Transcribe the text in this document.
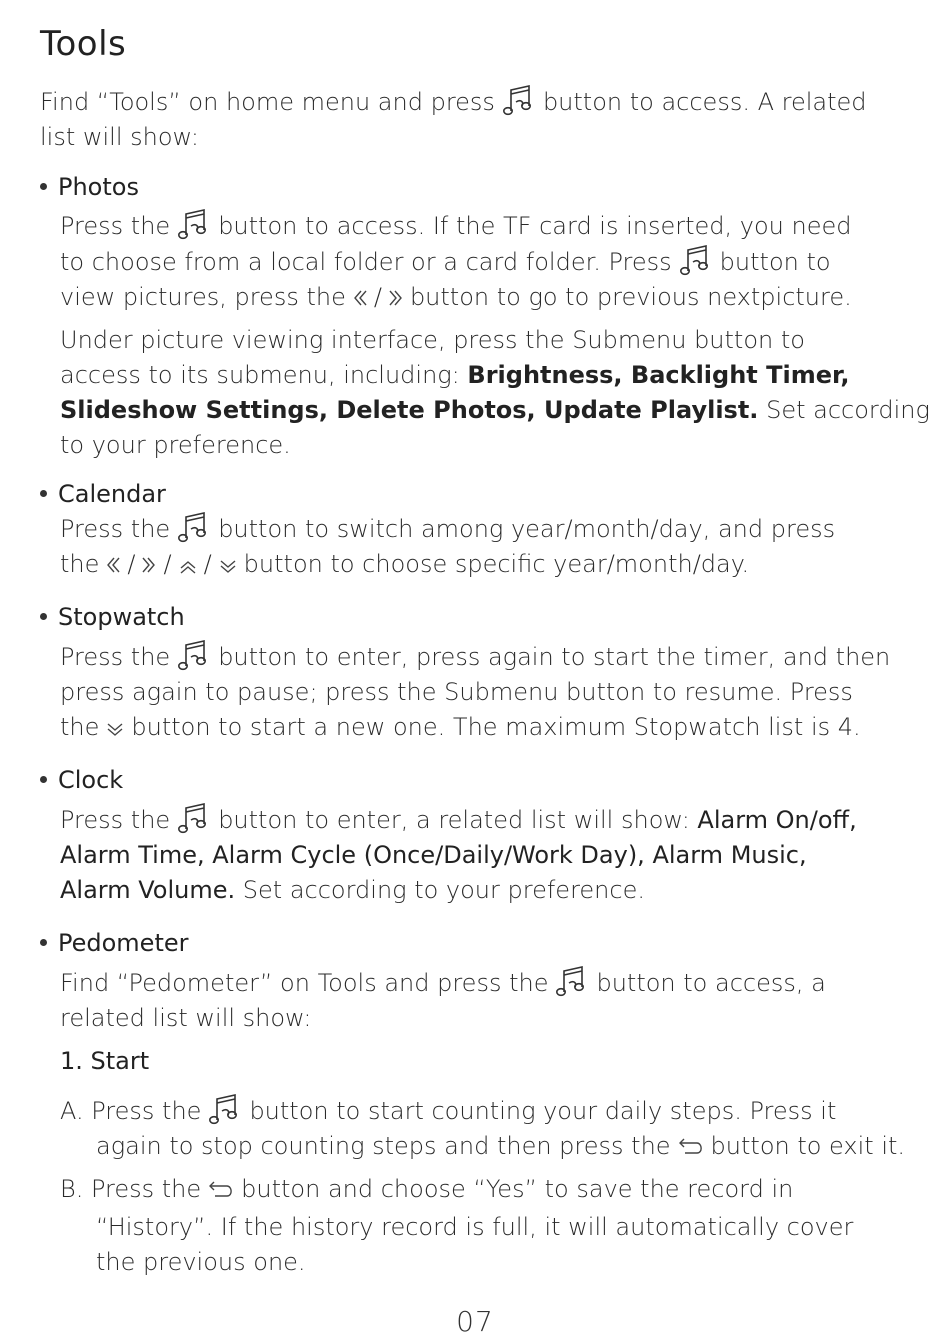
Tools
Find “Tools” on home menu and press button to access. A related
list will show:
Photos
Press the button to access. If the TF card is inserted, you need
to choose from a local folder or a card folder. Press button to
view pictures, press the / button to go to previous nextpicture.
Under picture viewing interface, press the Submenu button to
access to its submenu, including: Brightness, Backlight Timer,
Slideshow Settings, Delete Photos, Update Playlist. Set according
to your preference.
Calendar
Press the button to switch among year/month/day, and press
the / / / button to choose specific year/month/day.
Stopwatch
Press the button to enter, press again to start the timer, and then
press again to pause; press the Submenu button to resume. Press
the button to start a new one. The maximum Stopwatch list is 4.
Clock
Press the button to enter, a related list will show: Alarm On/off,
Alarm Time, Alarm Cycle (Once/Daily/Work Day), Alarm Music,
Alarm Volume. Set according to your preference.
Pedometer
Find “Pedometer” on Tools and press the button to access, a
related list will show:
1. Start
A. Press the button to start counting your daily steps. Press it
again to stop counting steps and then press the button to exit it.
B. Press the button and choose “Yes” to save the record in
“History”. If the history record is full, it will automatically cover
the previous one.
07
